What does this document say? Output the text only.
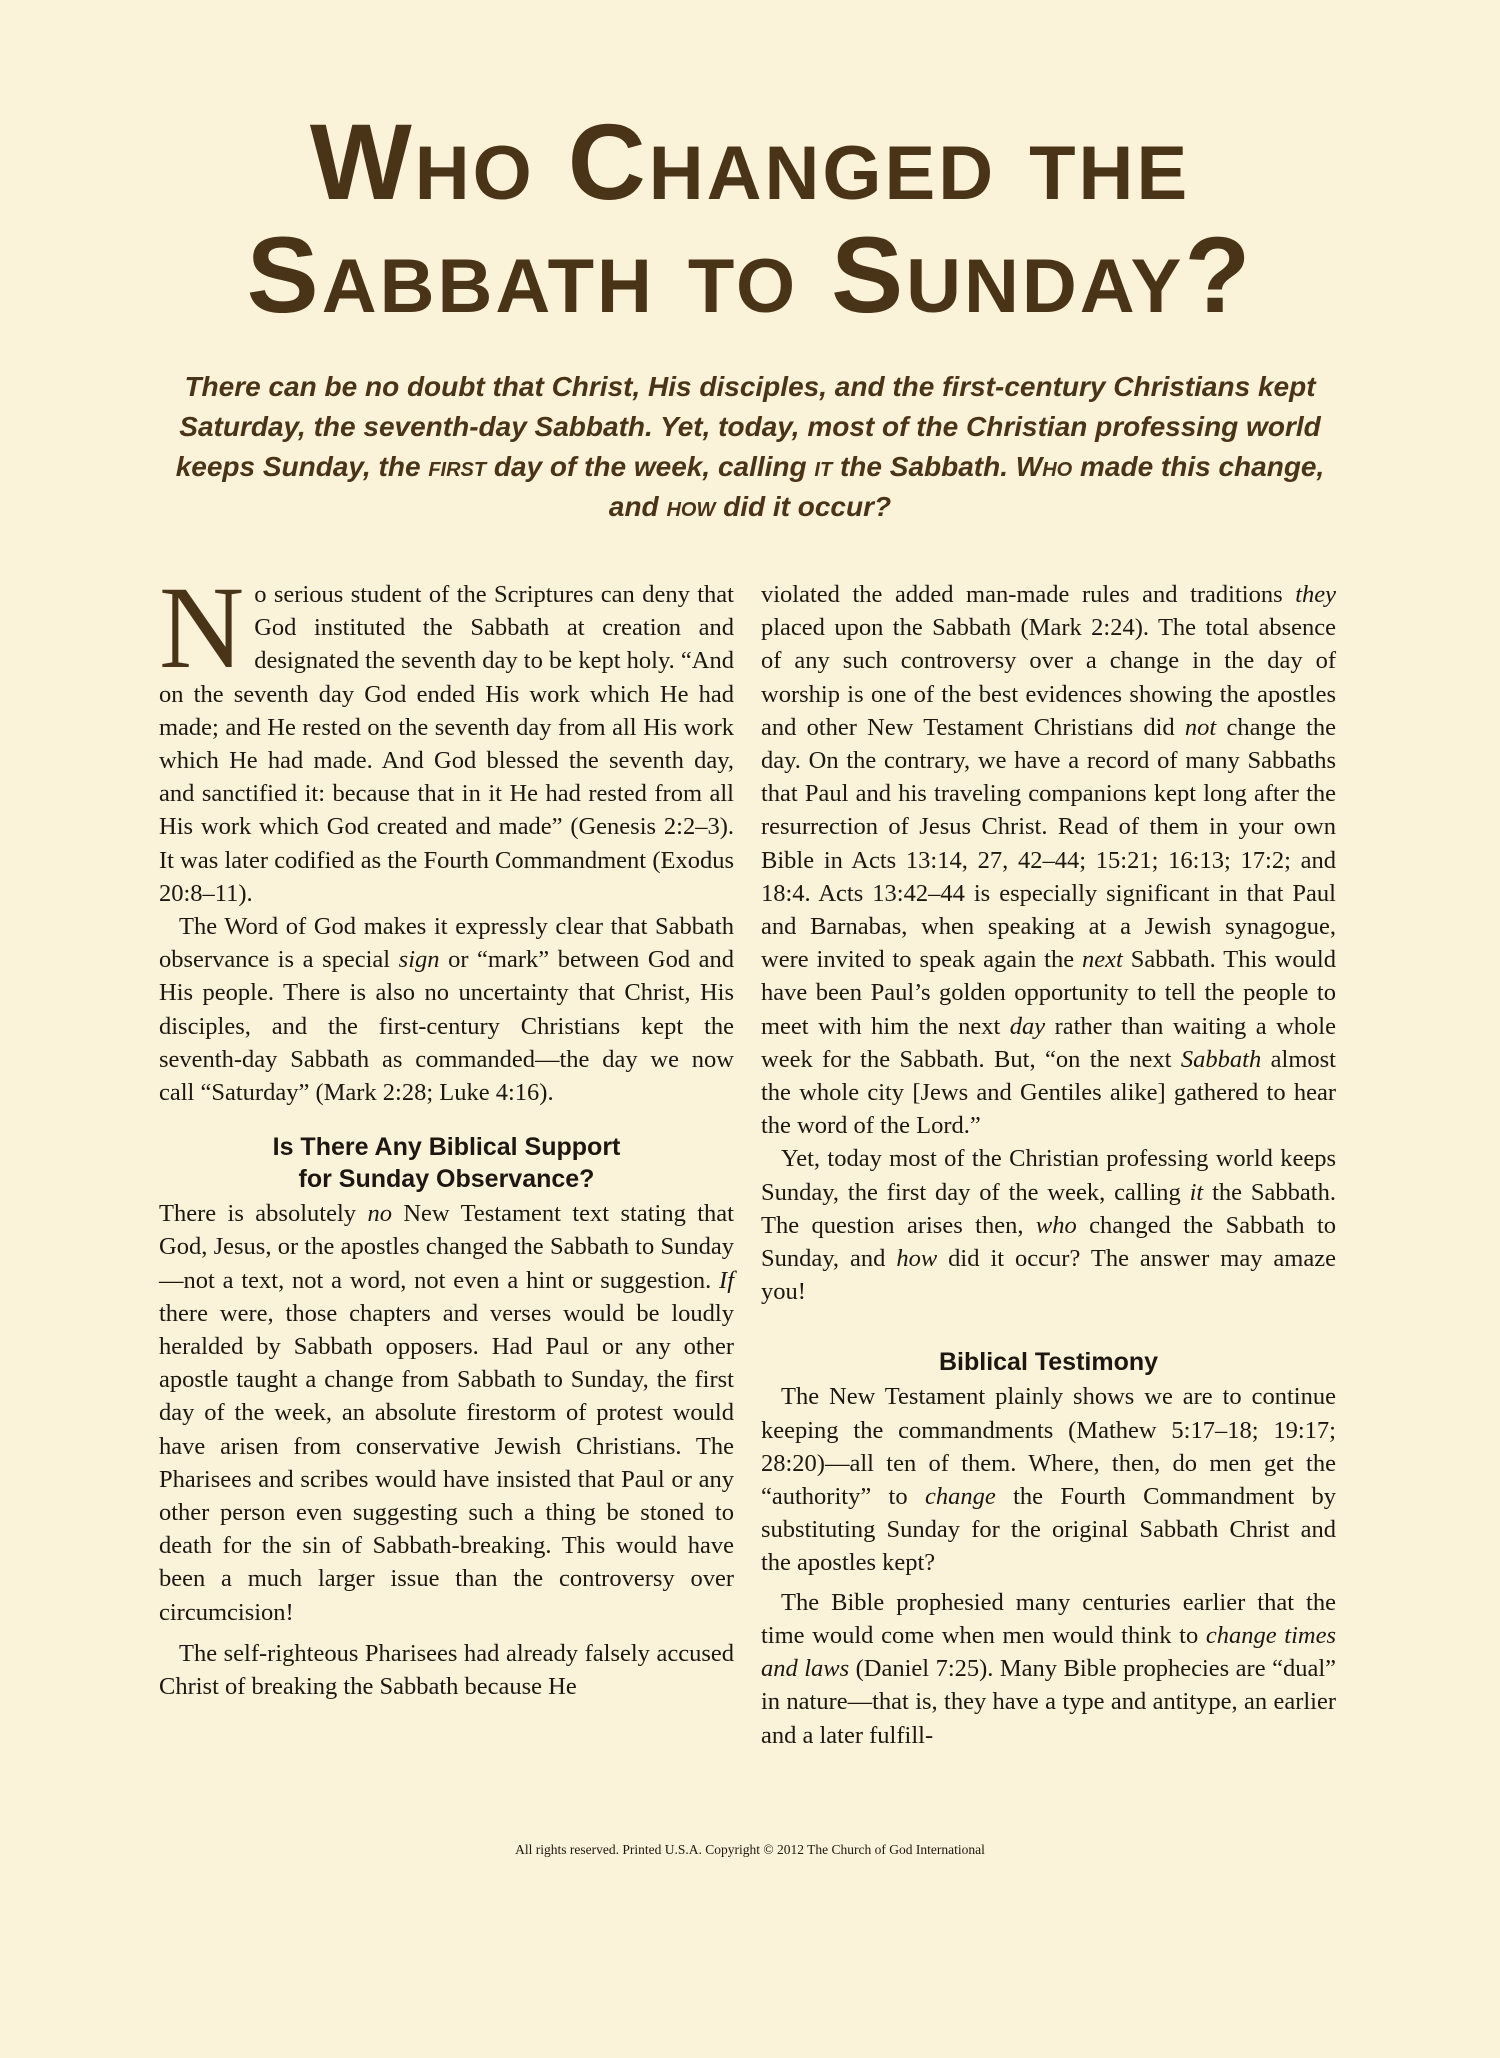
Who Changed the
Sabbath to Sunday?

There can be no doubt that Christ, His disciples, and the first-century Christians kept Saturday, the seventh-day Sabbath. Yet, today, most of the Christian professing world keeps Sunday, the first day of the week, calling it the Sabbath. Who made this change, and how did it occur?

No serious student of the Scriptures can deny that God instituted the Sabbath at creation and designated the seventh day to be kept holy. “And on the seventh day God ended His work which He had made; and He rested on the seventh day from all His work which He had made. And God blessed the seventh day, and sanctified it: because that in it He had rested from all His work which God created and made” (Genesis 2:2–3). It was later codified as the Fourth Commandment (Exodus 20:8–11).

The Word of God makes it expressly clear that Sabbath observance is a special sign or “mark” between God and His people. There is also no uncertainty that Christ, His disciples, and the first-century Christians kept the seventh-day Sabbath as commanded—the day we now call “Saturday” (Mark 2:28; Luke 4:16).

Is There Any Biblical Support
for Sunday Observance?

There is absolutely no New Testament text stating that God, Jesus, or the apostles changed the Sabbath to Sunday—not a text, not a word, not even a hint or suggestion. If there were, those chapters and verses would be loudly heralded by Sabbath opposers. Had Paul or any other apostle taught a change from Sabbath to Sunday, the first day of the week, an absolute firestorm of protest would have arisen from conservative Jewish Christians. The Pharisees and scribes would have insisted that Paul or any other person even suggesting such a thing be stoned to death for the sin of Sabbath-breaking. This would have been a much larger issue than the controversy over circumcision!

The self-righteous Pharisees had already falsely accused Christ of breaking the Sabbath because He

violated the added man-made rules and traditions they placed upon the Sabbath (Mark 2:24). The total absence of any such controversy over a change in the day of worship is one of the best evidences showing the apostles and other New Testament Christians did not change the day. On the contrary, we have a record of many Sabbaths that Paul and his traveling companions kept long after the resurrection of Jesus Christ. Read of them in your own Bible in Acts 13:14, 27, 42–44; 15:21; 16:13; 17:2; and 18:4. Acts 13:42–44 is especially significant in that Paul and Barnabas, when speaking at a Jewish synagogue, were invited to speak again the next Sabbath. This would have been Paul’s golden opportunity to tell the people to meet with him the next day rather than waiting a whole week for the Sabbath. But, “on the next Sabbath almost the whole city [Jews and Gentiles alike] gathered to hear the word of the Lord.”

Yet, today most of the Christian professing world keeps Sunday, the first day of the week, calling it the Sabbath. The question arises then, who changed the Sabbath to Sunday, and how did it occur? The answer may amaze you!

Biblical Testimony

The New Testament plainly shows we are to continue keeping the commandments (Mathew 5:17–18; 19:17; 28:20)—all ten of them. Where, then, do men get the “authority” to change the Fourth Commandment by substituting Sunday for the original Sabbath Christ and the apostles kept?

The Bible prophesied many centuries earlier that the time would come when men would think to change times and laws (Daniel 7:25). Many Bible prophecies are “dual” in nature—that is, they have a type and antitype, an earlier and a later fulfill-

All rights reserved. Printed U.S.A. Copyright © 2012 The Church of God International
